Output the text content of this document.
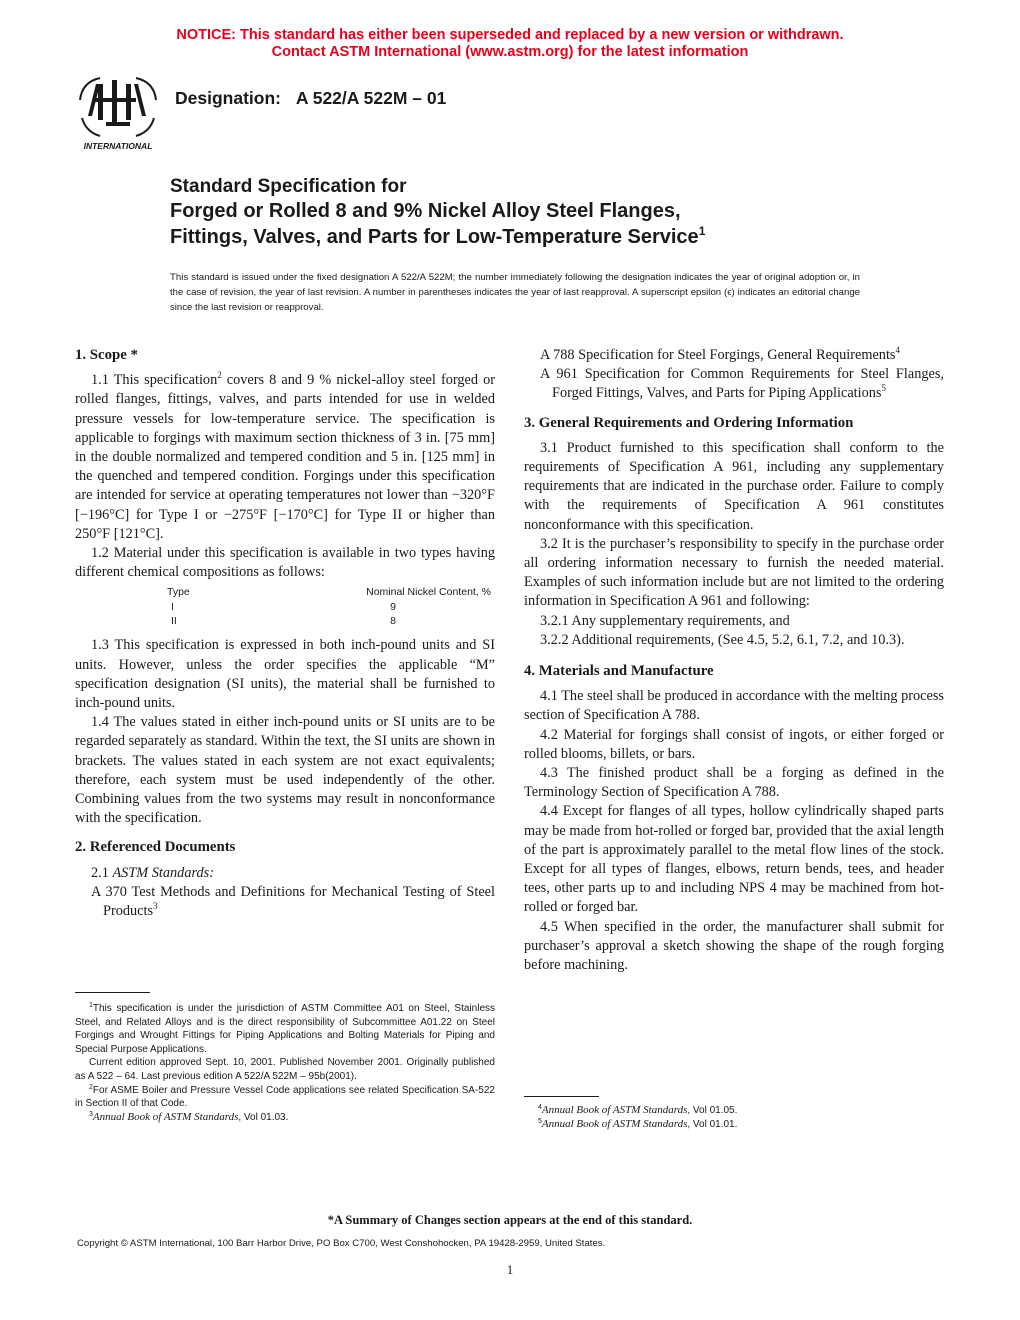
NOTICE: This standard has either been superseded and replaced by a new version or withdrawn.
Contact ASTM International (www.astm.org) for the latest information
INTERNATIONAL
Designation: A 522/A 522M – 01
Standard Specification for
Forged or Rolled 8 and 9% Nickel Alloy Steel Flanges,
Fittings, Valves, and Parts for Low-Temperature Service$^1$
This standard is issued under the fixed designation A 522/A 522M; the number immediately following the designation indicates the year of original adoption or, in the case of revision, the year of last revision. A number in parentheses indicates the year of last reapproval. A superscript epsilon (ϵ) indicates an editorial change since the last revision or reapproval.
1. Scope *

1.1 This specification$^2$ covers 8 and 9 % nickel-alloy steel forged or rolled flanges, fittings, valves, and parts intended for use in welded pressure vessels for low-temperature service. The specification is applicable to forgings with maximum section thickness of 3 in. [75 mm] in the double normalized and tempered condition and 5 in. [125 mm] in the quenched and tempered condition. Forgings under this specification are intended for service at operating temperatures not lower than −320°F [−196°C] for Type I or −275°F [−170°C] for Type II or higher than 250°F [121°C].

1.2 Material under this specification is available in two types having different chemical compositions as follows:

Type	Nominal Nickel Content, %
I	9
II	8

1.3 This specification is expressed in both inch-pound units and SI units. However, unless the order specifies the applicable “M” specification designation (SI units), the material shall be furnished to inch-pound units.

1.4 The values stated in either inch-pound units or SI units are to be regarded separately as standard. Within the text, the SI units are shown in brackets. The values stated in each system are not exact equivalents; therefore, each system must be used independently of the other. Combining values from the two systems may result in nonconformance with the specification.

2. Referenced Documents

2.1 ASTM Standards:

A 370 Test Methods and Definitions for Mechanical Testing of Steel Products$^3$

A 788 Specification for Steel Forgings, General Requirements$^4$

A 961 Specification for Common Requirements for Steel Flanges, Forged Fittings, Valves, and Parts for Piping Applications$^5$

3. General Requirements and Ordering Information

3.1 Product furnished to this specification shall conform to the requirements of Specification A 961, including any supplementary requirements that are indicated in the purchase order. Failure to comply with the requirements of Specification A 961 constitutes nonconformance with this specification.

3.2 It is the purchaser’s responsibility to specify in the purchase order all ordering information necessary to furnish the needed material. Examples of such information include but are not limited to the ordering information in Specification A 961 and following:

3.2.1 Any supplementary requirements, and

3.2.2 Additional requirements, (See 4.5, 5.2, 6.1, 7.2, and 10.3).

4. Materials and Manufacture

4.1 The steel shall be produced in accordance with the melting process section of Specification A 788.

4.2 Material for forgings shall consist of ingots, or either forged or rolled blooms, billets, or bars.

4.3 The finished product shall be a forging as defined in the Terminology Section of Specification A 788.

4.4 Except for flanges of all types, hollow cylindrically shaped parts may be made from hot-rolled or forged bar, provided that the axial length of the part is approximately parallel to the metal flow lines of the stock. Except for all types of flanges, elbows, return bends, tees, and header tees, other parts up to and including NPS 4 may be machined from hot-rolled or forged bar.

4.5 When specified in the order, the manufacturer shall submit for purchaser’s approval a sketch showing the shape of the rough forging before machining.

$^1$This specification is under the jurisdiction of ASTM Committee A01 on Steel, Stainless Steel, and Related Alloys and is the direct responsibility of Subcommittee A01.22 on Steel Forgings and Wrought Fittings for Piping Applications and Bolting Materials for Piping and Special Purpose Applications.

Current edition approved Sept. 10, 2001. Published November 2001. Originally published as A 522 – 64. Last previous edition A 522/A 522M – 95b(2001).

$^2$For ASME Boiler and Pressure Vessel Code applications see related Specification SA-522 in Section II of that Code.

$^3$Annual Book of ASTM Standards, Vol 01.03.

$^4$Annual Book of ASTM Standards, Vol 01.05.

$^5$Annual Book of ASTM Standards, Vol 01.01.

*A Summary of Changes section appears at the end of this standard.
Copyright © ASTM International, 100 Barr Harbor Drive, PO Box C700, West Conshohocken, PA 19428-2959, United States.
1
